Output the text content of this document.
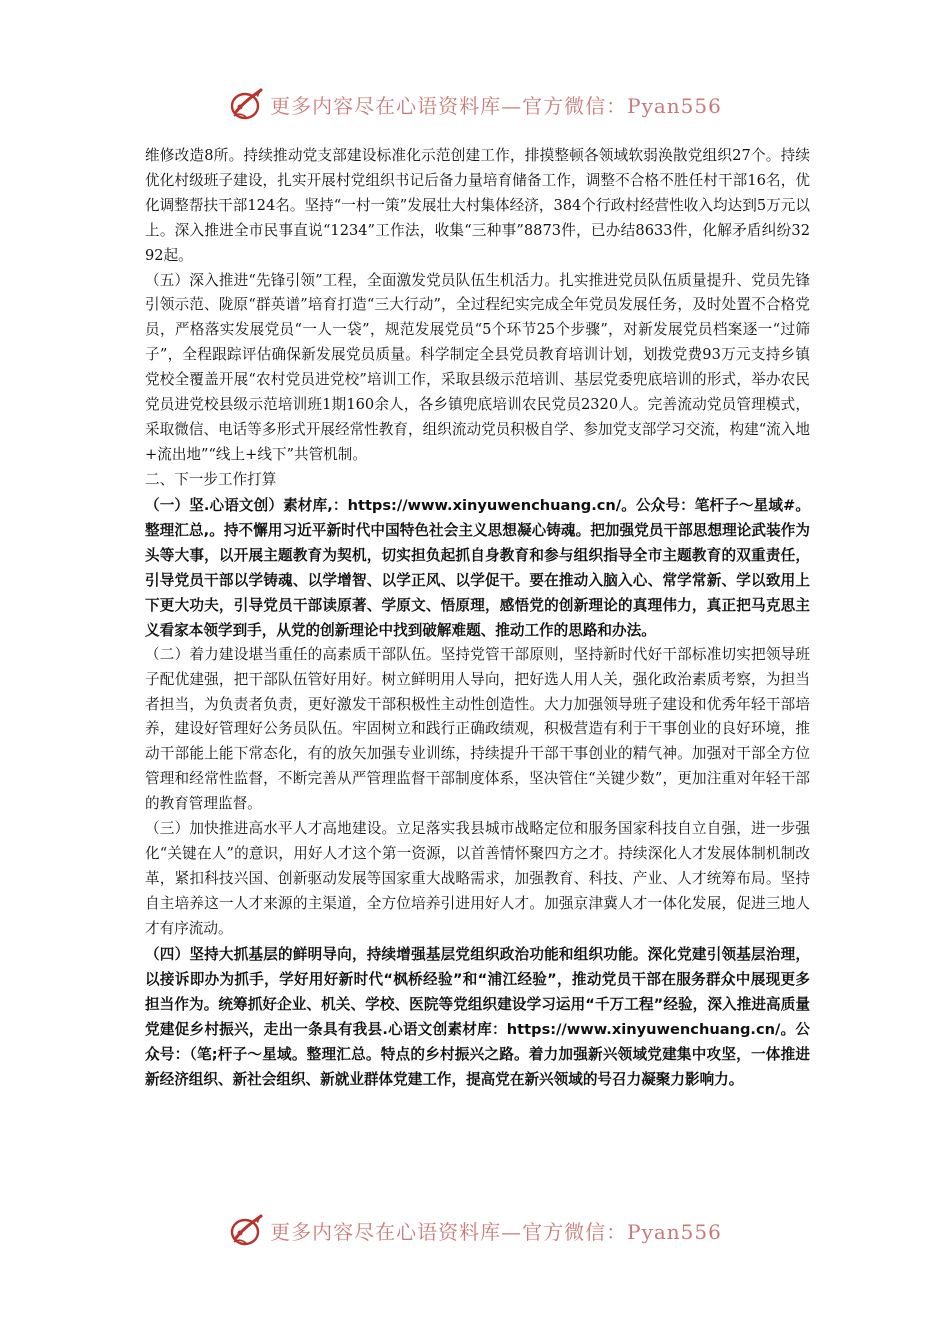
更多内容尽在心语资料库—官方微信：Pyan556

维修改造8所。持续推动党支部建设标准化示范创建工作，排摸整顿各领域软弱涣散党组织27个。持续优化村级班子建设，扎实开展村党组织书记后备力量培育储备工作，调整不合格不胜任村干部16名，优化调整帮扶干部124名。坚持“一村一策”发展壮大村集体经济，384个行政村经营性收入均达到5万元以上。深入推进全市民事直说“1234”工作法，收集“三种事”8873件，已办结8633件，化解矛盾纠纷3292起。

（五）深入推进“先锋引领”工程，全面激发党员队伍生机活力。扎实推进党员队伍质量提升、党员先锋引领示范、陇原“群英谱”培育打造“三大行动”，全过程纪实完成全年党员发展任务，及时处置不合格党员，严格落实发展党员“一人一袋”，规范发展党员“5个环节25个步骤”，对新发展党员档案逐一“过筛子”，全程跟踪评估确保新发展党员质量。科学制定全县党员教育培训计划，划拨党费93万元支持乡镇党校全覆盖开展“农村党员进党校”培训工作，采取县级示范培训、基层党委兜底培训的形式，举办农民党员进党校县级示范培训班1期160余人，各乡镇兜底培训农民党员2320人。完善流动党员管理模式，采取微信、电话等多形式开展经常性教育，组织流动党员积极自学、参加党支部学习交流，构建“流入地+流出地”“线上+线下”共管机制。

二、下一步工作打算

（一）坚.心语文创）素材库,：https://www.xinyuwenchuang.cn/。公众号：笔杆子～星域#。整理汇总,。持不懈用习近平新时代中国特色社会主义思想凝心铸魂。把加强党员干部思想理论武装作为头等大事，以开展主题教育为契机，切实担负起抓自身教育和参与组织指导全市主题教育的双重责任，引导党员干部以学铸魂、以学增智、以学正风、以学促干。要在推动入脑入心、常学常新、学以致用上下更大功夫，引导党员干部读原著、学原文、悟原理，感悟党的创新理论的真理伟力，真正把马克思主义看家本领学到手，从党的创新理论中找到破解难题、推动工作的思路和办法。

（二）着力建设堪当重任的高素质干部队伍。坚持党管干部原则，坚持新时代好干部标准切实把领导班子配优建强，把干部队伍管好用好。树立鲜明用人导向，把好选人用人关，强化政治素质考察，为担当者担当，为负责者负责，更好激发干部积极性主动性创造性。大力加强领导班子建设和优秀年轻干部培养，建设好管理好公务员队伍。牢固树立和践行正确政绩观，积极营造有利于干事创业的良好环境，推动干部能上能下常态化，有的放矢加强专业训练，持续提升干部干事创业的精气神。加强对干部全方位管理和经常性监督，不断完善从严管理监督干部制度体系，坚决管住“关键少数”，更加注重对年轻干部的教育管理监督。

（三）加快推进高水平人才高地建设。立足落实我县城市战略定位和服务国家科技自立自强，进一步强化“关键在人”的意识，用好人才这个第一资源，以首善情怀聚四方之才。持续深化人才发展体制机制改革，紧扣科技兴国、创新驱动发展等国家重大战略需求，加强教育、科技、产业、人才统筹布局。坚持自主培养这一人才来源的主渠道，全方位培养引进用好人才。加强京津冀人才一体化发展，促进三地人才有序流动。

（四）坚持大抓基层的鲜明导向，持续增强基层党组织政治功能和组织功能。深化党建引领基层治理，以接诉即办为抓手，学好用好新时代“枫桥经验”和“浦江经验”，推动党员干部在服务群众中展现更多担当作为。统筹抓好企业、机关、学校、医院等党组织建设学习运用“千万工程”经验，深入推进高质量党建促乡村振兴，走出一条具有我县.心语文创素材库：https://www.xinyuwenchuang.cn/。公众号：（笔;杆子～星域。整理汇总。特点的乡村振兴之路。着力加强新兴领域党建集中攻坚，一体推进新经济组织、新社会组织、新就业群体党建工作，提高党在新兴领域的号召力凝聚力影响力。

更多内容尽在心语资料库—官方微信：Pyan556
